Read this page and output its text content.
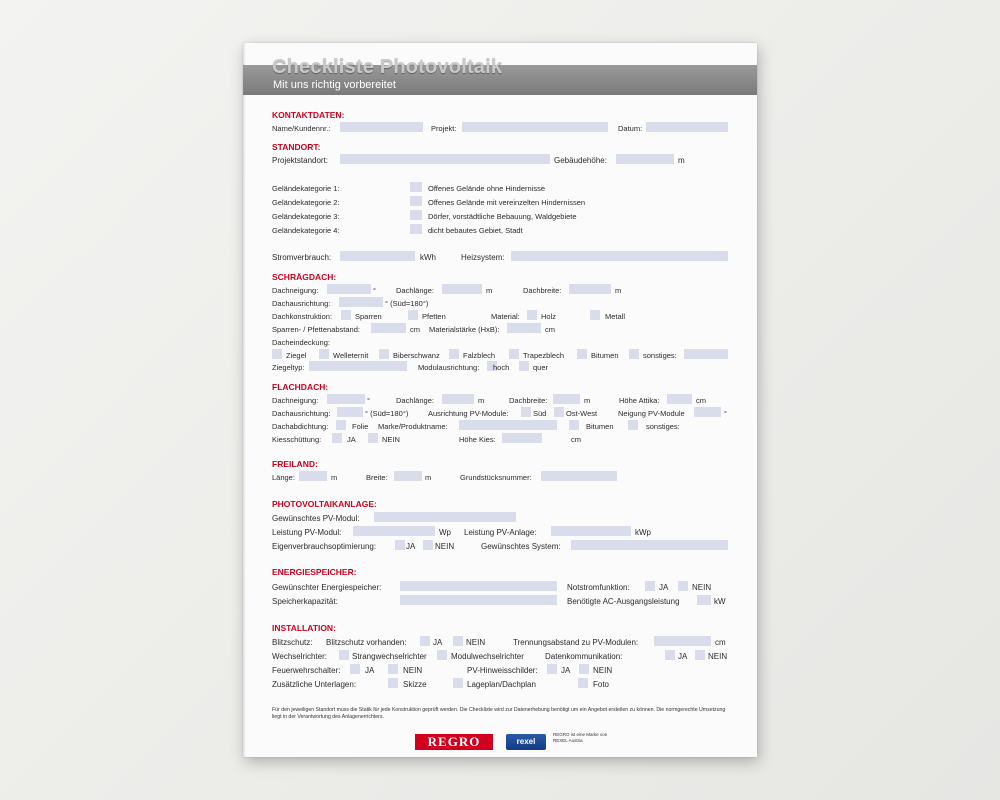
Checkliste Photovoltaik
Mit uns richtig vorbereitet
KONTAKTDATEN:
Name/Kundennr.:	Projekt:	Datum:
STANDORT:
Projektstandort:	Gebäudehöhe:	m
Geländekategorie 1:	Offenes Gelände ohne Hindernisse
Geländekategorie 2:	Offenes Gelände mit vereinzelten Hindernissen
Geländekategorie 3:	Dörfer, vorstädtliche Bebauung, Waldgebiete
Geländekategorie 4:	dicht bebautes Gebiet, Stadt
Stromverbrauch:	kWh	Heizsystem:
SCHRÄGDACH:
Dachneigung:	°	Dachlänge:	m	Dachbreite:	m
Dachausrichtung:	° (Süd=180°)
Dachkonstruktion:	Sparren	Pfetten	Material:	Holz	Metall
Sparren- / Pfettenabstand:	cm Materialstärke (HxB):	cm
Dacheindeckung:
Ziegel	Welleternit	Biberschwanz	Falzblech	Trapezblech	Bitumen	sonstiges:
Ziegeltyp:	Modulausrichtung: hoch	quer
FLACHDACH:
Dachneigung:	°	Dachlänge:	m	Dachbreite:	m	Höhe Attika:	cm
Dachausrichtung:	° (Süd=180°)	Ausrichtung PV-Module:	Süd	Ost-West	Neigung PV-Module	°
Dachabdichtung:	Folie Marke/Produktname:	Bitumen	sonstiges:
Kiesschüttung:	JA	NEIN	Höhe Kies:	cm
FREILAND:
Länge:	m	Breite:	m	Grundstücksnummer:
PHOTOVOLTAIKANLAGE:
Gewünschtes PV-Modul:
Leistung PV-Modul:	Wp Leistung PV-Anlage:	kWp
Eigenverbrauchsoptimierung:	JA NEIN	Gewünschtes System:
ENERGIESPEICHER:
Gewünschter Energiespeicher:	Notstromfunktion:	JA	NEIN
Speicherkapazität:	Benötigte AC-Ausgangsleistung	kW
INSTALLATION:
Blitzschutz: Blitzschutz vorhanden:	JA	NEIN	Trennungsabstand zu PV-Modulen:	cm
Wechselrichter:	Strangwechselrichter	Modulwechselrichter	Datenkommunikation:	JA	NEIN
Feuerwehrschalter:	JA	NEIN	PV-Hinweisschilder:	JA	NEIN
Zusätzliche Unterlagen:	Skizze	Lageplan/Dachplan	Foto
Für den jeweiligen Standort muss die Statik für jede Konstruktion geprüft werden. Die Checkliste wird zur Datenerhebung benötigt um ein Angebot erstellen zu können. Die normgerechte Umsetzung liegt in der Verantwortung des Anlagenerrichters.
REGRO	rexel
REGRO ist eine Marke von REXEL Austria
